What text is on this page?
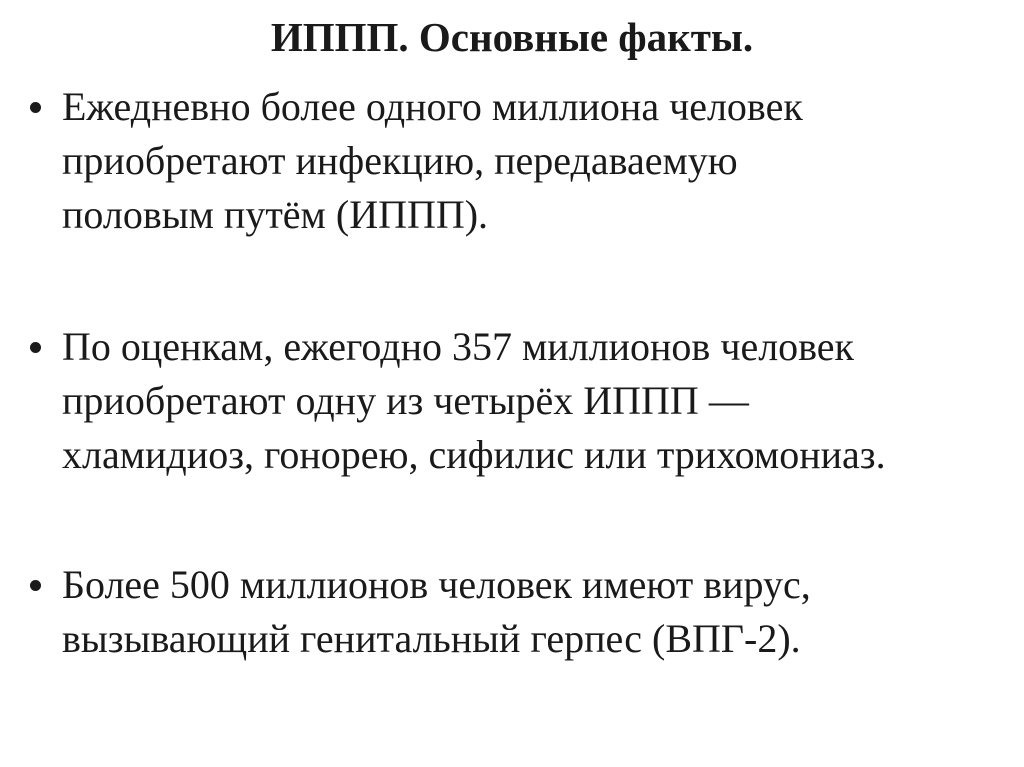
ИППП. Основные факты.
Ежедневно более одного миллиона человек
приобретают инфекцию, передаваемую
половым путём (ИППП).
По оценкам, ежегодно 357 миллионов человек
приобретают одну из четырёх ИППП —
хламидиоз, гонорею, сифилис или трихомониаз.
Более 500 миллионов человек имеют вирус,
вызывающий генитальный герпес (ВПГ-2).
